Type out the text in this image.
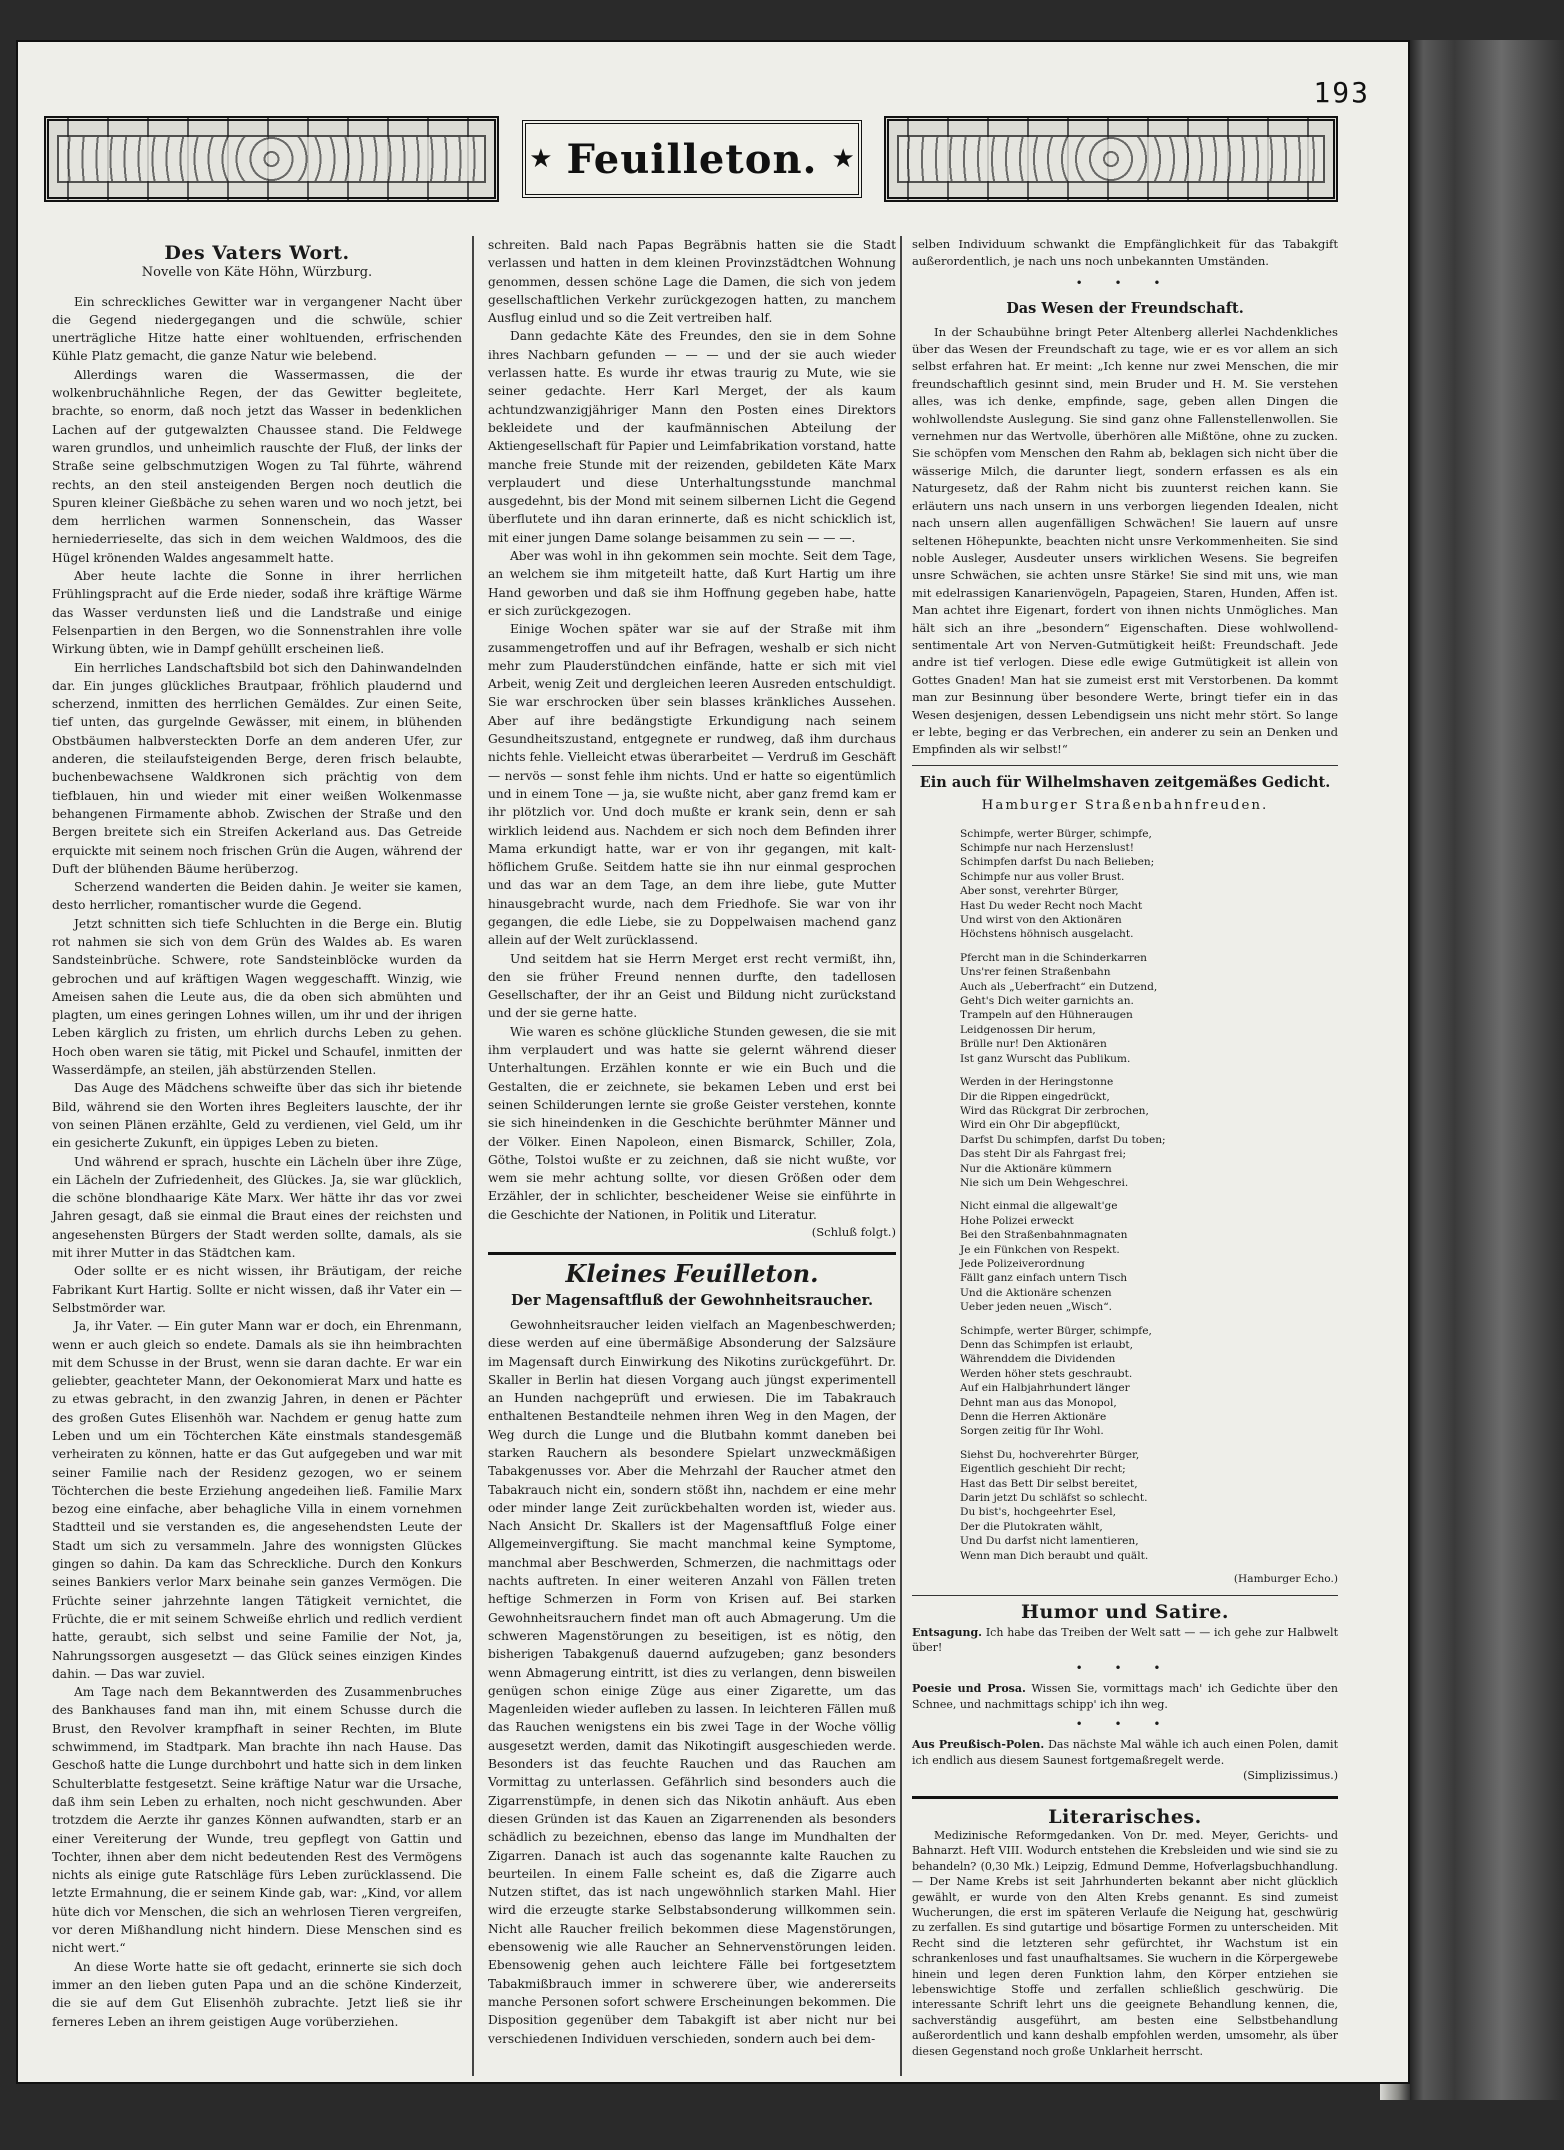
193
★ Feuilleton. ★
Des Vaters Wort.
Novelle von Käte Höhn, Würzburg.

Ein schreckliches Gewitter war in vergangener Nacht über die Gegend niedergegangen und die schwüle, schier unerträgliche Hitze hatte einer wohltuenden, erfrischenden Kühle Platz gemacht, die ganze Natur wie belebend.

Allerdings waren die Wassermassen, die der wolkenbruchähnliche Regen, der das Gewitter begleitete, brachte, so enorm, daß noch jetzt das Wasser in bedenklichen Lachen auf der gutgewalzten Chaussee stand. Die Feldwege waren grundlos, und unheimlich rauschte der Fluß, der links der Straße seine gelbschmutzigen Wogen zu Tal führte, während rechts, an den steil ansteigenden Bergen noch deutlich die Spuren kleiner Gießbäche zu sehen waren und wo noch jetzt, bei dem herrlichen warmen Sonnenschein, das Wasser herniederrieselte, das sich in dem weichen Waldmoos, des die Hügel krönenden Waldes angesammelt hatte.

Aber heute lachte die Sonne in ihrer herrlichen Frühlingspracht auf die Erde nieder, sodaß ihre kräftige Wärme das Wasser verdunsten ließ und die Landstraße und einige Felsenpartien in den Bergen, wo die Sonnenstrahlen ihre volle Wirkung übten, wie in Dampf gehüllt erscheinen ließ.

Ein herrliches Landschaftsbild bot sich den Dahinwandelnden dar. Ein junges glückliches Brautpaar, fröhlich plaudernd und scherzend, inmitten des herrlichen Gemäldes. Zur einen Seite, tief unten, das gurgelnde Gewässer, mit einem, in blühenden Obstbäumen halbversteckten Dorfe an dem anderen Ufer, zur anderen, die steilaufsteigenden Berge, deren frisch belaubte, buchenbewachsene Waldkronen sich prächtig von dem tiefblauen, hin und wieder mit einer weißen Wolkenmasse behangenen Firmamente abhob. Zwischen der Straße und den Bergen breitete sich ein Streifen Ackerland aus. Das Getreide erquickte mit seinem noch frischen Grün die Augen, während der Duft der blühenden Bäume herüberzog.

Scherzend wanderten die Beiden dahin. Je weiter sie kamen, desto herrlicher, romantischer wurde die Gegend.

Jetzt schnitten sich tiefe Schluchten in die Berge ein. Blutig rot nahmen sie sich von dem Grün des Waldes ab. Es waren Sandsteinbrüche. Schwere, rote Sandsteinblöcke wurden da gebrochen und auf kräftigen Wagen weggeschafft. Winzig, wie Ameisen sahen die Leute aus, die da oben sich abmühten und plagten, um eines geringen Lohnes willen, um ihr und der ihrigen Leben kärglich zu fristen, um ehrlich durchs Leben zu gehen. Hoch oben waren sie tätig, mit Pickel und Schaufel, inmitten der Wasserdämpfe, an steilen, jäh abstürzenden Stellen.

Das Auge des Mädchens schweifte über das sich ihr bietende Bild, während sie den Worten ihres Begleiters lauschte, der ihr von seinen Plänen erzählte, Geld zu verdienen, viel Geld, um ihr ein gesicherte Zukunft, ein üppiges Leben zu bieten.

Und während er sprach, huschte ein Lächeln über ihre Züge, ein Lächeln der Zufriedenheit, des Glückes. Ja, sie war glücklich, die schöne blondhaarige Käte Marx. Wer hätte ihr das vor zwei Jahren gesagt, daß sie einmal die Braut eines der reichsten und angesehensten Bürgers der Stadt werden sollte, damals, als sie mit ihrer Mutter in das Städtchen kam.

Oder sollte er es nicht wissen, ihr Bräutigam, der reiche Fabrikant Kurt Hartig. Sollte er nicht wissen, daß ihr Vater ein — Selbstmörder war.

Ja, ihr Vater. — Ein guter Mann war er doch, ein Ehrenmann, wenn er auch gleich so endete. Damals als sie ihn heimbrachten mit dem Schusse in der Brust, wenn sie daran dachte. Er war ein geliebter, geachteter Mann, der Oekonomierat Marx und hatte es zu etwas gebracht, in den zwanzig Jahren, in denen er Pächter des großen Gutes Elisenhöh war. Nachdem er genug hatte zum Leben und um ein Töchterchen Käte einstmals standesgemäß verheiraten zu können, hatte er das Gut aufgegeben und war mit seiner Familie nach der Residenz gezogen, wo er seinem Töchterchen die beste Erziehung angedeihen ließ. Familie Marx bezog eine einfache, aber behagliche Villa in einem vornehmen Stadtteil und sie verstanden es, die angesehendsten Leute der Stadt um sich zu versammeln. Jahre des wonnigsten Glückes gingen so dahin. Da kam das Schreckliche. Durch den Konkurs seines Bankiers verlor Marx beinahe sein ganzes Vermögen. Die Früchte seiner jahrzehnte langen Tätigkeit vernichtet, die Früchte, die er mit seinem Schweiße ehrlich und redlich verdient hatte, geraubt, sich selbst und seine Familie der Not, ja, Nahrungssorgen ausgesetzt — das Glück seines einzigen Kindes dahin. — Das war zuviel.

Am Tage nach dem Bekanntwerden des Zusammenbruches des Bankhauses fand man ihn, mit einem Schusse durch die Brust, den Revolver krampfhaft in seiner Rechten, im Blute schwimmend, im Stadtpark. Man brachte ihn nach Hause. Das Geschoß hatte die Lunge durchbohrt und hatte sich in dem linken Schulterblatte festgesetzt. Seine kräftige Natur war die Ursache, daß ihm sein Leben zu erhalten, noch nicht geschwunden. Aber trotzdem die Aerzte ihr ganzes Können aufwandten, starb er an einer Vereiterung der Wunde, treu gepflegt von Gattin und Tochter, ihnen aber dem nicht bedeutenden Rest des Vermögens nichts als einige gute Ratschläge fürs Leben zurücklassend. Die letzte Ermahnung, die er seinem Kinde gab, war: „Kind, vor allem hüte dich vor Menschen, die sich an wehrlosen Tieren vergreifen, vor deren Mißhandlung nicht hindern. Diese Menschen sind es nicht wert.“

An diese Worte hatte sie oft gedacht, erinnerte sie sich doch immer an den lieben guten Papa und an die schöne Kinderzeit, die sie auf dem Gut Elisenhöh zubrachte. Jetzt ließ sie ihr ferneres Leben an ihrem geistigen Auge vorüberziehen.

schreiten. Bald nach Papas Begräbnis hatten sie die Stadt verlassen und hatten in dem kleinen Provinzstädtchen Wohnung genommen, dessen schöne Lage die Damen, die sich von jedem gesellschaftlichen Verkehr zurückgezogen hatten, zu manchem Ausflug einlud und so die Zeit vertreiben half.

Dann gedachte Käte des Freundes, den sie in dem Sohne ihres Nachbarn gefunden — — — und der sie auch wieder verlassen hatte. Es wurde ihr etwas traurig zu Mute, wie sie seiner gedachte. Herr Karl Merget, der als kaum achtundzwanzigjähriger Mann den Posten eines Direktors bekleidete und der kaufmännischen Abteilung der Aktiengesellschaft für Papier und Leimfabrikation vorstand, hatte manche freie Stunde mit der reizenden, gebildeten Käte Marx verplaudert und diese Unterhaltungsstunde manchmal ausgedehnt, bis der Mond mit seinem silbernen Licht die Gegend überflutete und ihn daran erinnerte, daß es nicht schicklich ist, mit einer jungen Dame solange beisammen zu sein — — —.

Aber was wohl in ihn gekommen sein mochte. Seit dem Tage, an welchem sie ihm mitgeteilt hatte, daß Kurt Hartig um ihre Hand geworben und daß sie ihm Hoffnung gegeben habe, hatte er sich zurückgezogen.

Einige Wochen später war sie auf der Straße mit ihm zusammengetroffen und auf ihr Befragen, weshalb er sich nicht mehr zum Plauderstündchen einfände, hatte er sich mit viel Arbeit, wenig Zeit und dergleichen leeren Ausreden entschuldigt. Sie war erschrocken über sein blasses kränkliches Aussehen. Aber auf ihre bedängstigte Erkundigung nach seinem Gesundheitszustand, entgegnete er rundweg, daß ihm durchaus nichts fehle. Vielleicht etwas überarbeitet — Verdruß im Geschäft — nervös — sonst fehle ihm nichts. Und er hatte so eigentümlich und in einem Tone — ja, sie wußte nicht, aber ganz fremd kam er ihr plötzlich vor. Und doch mußte er krank sein, denn er sah wirklich leidend aus. Nachdem er sich noch dem Befinden ihrer Mama erkundigt hatte, war er von ihr gegangen, mit kalt-höflichem Gruße. Seitdem hatte sie ihn nur einmal gesprochen und das war an dem Tage, an dem ihre liebe, gute Mutter hinausgebracht wurde, nach dem Friedhofe. Sie war von ihr gegangen, die edle Liebe, sie zu Doppelwaisen machend ganz allein auf der Welt zurücklassend.

Und seitdem hat sie Herrn Merget erst recht vermißt, ihn, den sie früher Freund nennen durfte, den tadellosen Gesellschafter, der ihr an Geist und Bildung nicht zurückstand und der sie gerne hatte.

Wie waren es schöne glückliche Stunden gewesen, die sie mit ihm verplaudert und was hatte sie gelernt während dieser Unterhaltungen. Erzählen konnte er wie ein Buch und die Gestalten, die er zeichnete, sie bekamen Leben und erst bei seinen Schilderungen lernte sie große Geister verstehen, konnte sie sich hineindenken in die Geschichte berühmter Männer und der Völker. Einen Napoleon, einen Bismarck, Schiller, Zola, Göthe, Tolstoi wußte er zu zeichnen, daß sie nicht wußte, vor wem sie mehr achtung sollte, vor diesen Größen oder dem Erzähler, der in schlichter, bescheidener Weise sie einführte in die Geschichte der Nationen, in Politik und Literatur.

(Schluß folgt.)
Kleines Feuilleton.
Der Magensaftfluß der Gewohnheitsraucher.

Gewohnheitsraucher leiden vielfach an Magenbeschwerden; diese werden auf eine übermäßige Absonderung der Salzsäure im Magensaft durch Einwirkung des Nikotins zurückgeführt. Dr. Skaller in Berlin hat diesen Vorgang auch jüngst experimentell an Hunden nachgeprüft und erwiesen. Die im Tabakrauch enthaltenen Bestandteile nehmen ihren Weg in den Magen, der Weg durch die Lunge und die Blutbahn kommt daneben bei starken Rauchern als besondere Spielart unzweckmäßigen Tabakgenusses vor. Aber die Mehrzahl der Raucher atmet den Tabakrauch nicht ein, sondern stößt ihn, nachdem er eine mehr oder minder lange Zeit zurückbehalten worden ist, wieder aus. Nach Ansicht Dr. Skallers ist der Magensaftfluß Folge einer Allgemeinvergiftung. Sie macht manchmal keine Symptome, manchmal aber Beschwerden, Schmerzen, die nachmittags oder nachts auftreten. In einer weiteren Anzahl von Fällen treten heftige Schmerzen in Form von Krisen auf. Bei starken Gewohnheitsrauchern findet man oft auch Abmagerung. Um die schweren Magenstörungen zu beseitigen, ist es nötig, den bisherigen Tabakgenuß dauernd aufzugeben; ganz besonders wenn Abmagerung eintritt, ist dies zu verlangen, denn bisweilen genügen schon einige Züge aus einer Zigarette, um das Magenleiden wieder aufleben zu lassen. In leichteren Fällen muß das Rauchen wenigstens ein bis zwei Tage in der Woche völlig ausgesetzt werden, damit das Nikotingift ausgeschieden werde. Besonders ist das feuchte Rauchen und das Rauchen am Vormittag zu unterlassen. Gefährlich sind besonders auch die Zigarrenstümpfe, in denen sich das Nikotin anhäuft. Aus eben diesen Gründen ist das Kauen an Zigarrenenden als besonders schädlich zu bezeichnen, ebenso das lange im Mundhalten der Zigarren. Danach ist auch das sogenannte kalte Rauchen zu beurteilen. In einem Falle scheint es, daß die Zigarre auch Nutzen stiftet, das ist nach ungewöhnlich starken Mahl. Hier wird die erzeugte starke Selbstabsonderung willkommen sein. Nicht alle Raucher freilich bekommen diese Magenstörungen, ebensowenig wie alle Raucher an Sehnervenstörungen leiden. Ebensowenig gehen auch leichtere Fälle bei fortgesetztem Tabakmißbrauch immer in schwerere über, wie andererseits manche Personen sofort schwere Erscheinungen bekommen. Die Disposition gegenüber dem Tabakgift ist aber nicht nur bei verschiedenen Individuen verschieden, sondern auch bei dem-

selben Individuum schwankt die Empfänglichkeit für das Tabakgift außerordentlich, je nach uns noch unbekannten Umständen.

• • •
Das Wesen der Freundschaft.

In der Schaubühne bringt Peter Altenberg allerlei Nachdenkliches über das Wesen der Freundschaft zu tage, wie er es vor allem an sich selbst erfahren hat. Er meint: „Ich kenne nur zwei Menschen, die mir freundschaftlich gesinnt sind, mein Bruder und H. M. Sie verstehen alles, was ich denke, empfinde, sage, geben allen Dingen die wohlwollendste Auslegung. Sie sind ganz ohne Fallenstellenwollen. Sie vernehmen nur das Wertvolle, überhören alle Mißtöne, ohne zu zucken. Sie schöpfen vom Menschen den Rahm ab, beklagen sich nicht über die wässerige Milch, die darunter liegt, sondern erfassen es als ein Naturgesetz, daß der Rahm nicht bis zuunterst reichen kann. Sie erläutern uns nach unsern in uns verborgen liegenden Idealen, nicht nach unsern allen augenfälligen Schwächen! Sie lauern auf unsre seltenen Höhepunkte, beachten nicht unsre Verkommenheiten. Sie sind noble Ausleger, Ausdeuter unsers wirklichen Wesens. Sie begreifen unsre Schwächen, sie achten unsre Stärke! Sie sind mit uns, wie man mit edelrassigen Kanarienvögeln, Papageien, Staren, Hunden, Affen ist. Man achtet ihre Eigenart, fordert von ihnen nichts Unmögliches. Man hält sich an ihre „besondern“ Eigenschaften. Diese wohlwollend-sentimentale Art von Nerven-Gutmütigkeit heißt: Freundschaft. Jede andre ist tief verlogen. Diese edle ewige Gutmütigkeit ist allein von Gottes Gnaden! Man hat sie zumeist erst mit Verstorbenen. Da kommt man zur Besinnung über besondere Werte, bringt tiefer ein in das Wesen desjenigen, dessen Lebendigsein uns nicht mehr stört. So lange er lebte, beging er das Verbrechen, ein anderer zu sein an Denken und Empfinden als wir selbst!“

Ein auch für Wilhelmshaven zeitgemäßes Gedicht.
Hamburger Straßenbahnfreuden.
Schimpfe, werter Bürger, schimpfe,
Schimpfe nur nach Herzenslust!
Schimpfen darfst Du nach Belieben;
Schimpfe nur aus voller Brust.
Aber sonst, verehrter Bürger,
Hast Du weder Recht noch Macht
Und wirst von den Aktionären
Höchstens höhnisch ausgelacht.
Pfercht man in die Schinderkarren
Uns'rer feinen Straßenbahn
Auch als „Ueberfracht“ ein Dutzend,
Geht's Dich weiter garnichts an.
Trampeln auf den Hühneraugen
Leidgenossen Dir herum,
Brülle nur! Den Aktionären
Ist ganz Wurscht das Publikum.
Werden in der Heringstonne
Dir die Rippen eingedrückt,
Wird das Rückgrat Dir zerbrochen,
Wird ein Ohr Dir abgepflückt,
Darfst Du schimpfen, darfst Du toben;
Das steht Dir als Fahrgast frei;
Nur die Aktionäre kümmern
Nie sich um Dein Wehgeschrei.
Nicht einmal die allgewalt'ge
Hohe Polizei erweckt
Bei den Straßenbahnmagnaten
Je ein Fünkchen von Respekt.
Jede Polizeiverordnung
Fällt ganz einfach untern Tisch
Und die Aktionäre schenzen
Ueber jeden neuen „Wisch“.
Schimpfe, werter Bürger, schimpfe,
Denn das Schimpfen ist erlaubt,
Währenddem die Dividenden
Werden höher stets geschraubt.
Auf ein Halbjahrhundert länger
Dehnt man aus das Monopol,
Denn die Herren Aktionäre
Sorgen zeitig für Ihr Wohl.
Siehst Du, hochverehrter Bürger,
Eigentlich geschieht Dir recht;
Hast das Bett Dir selbst bereitet,
Darin jetzt Du schläfst so schlecht.
Du bist's, hochgeehrter Esel,
Der die Plutokraten wählt,
Und Du darfst nicht lamentieren,
Wenn man Dich beraubt und quält.
(Hamburger Echo.)
Humor und Satire.
Entsagung. Ich habe das Treiben der Welt satt — — ich gehe zur Halbwelt über!
• • •
Poesie und Prosa. Wissen Sie, vormittags mach' ich Gedichte über den Schnee, und nachmittags schipp' ich ihn weg.
• • •
Aus Preußisch-Polen. Das nächste Mal wähle ich auch einen Polen, damit ich endlich aus diesem Saunest fortgemaßregelt werde.
(Simplizissimus.)
Literarisches.

Medizinische Reformgedanken. Von Dr. med. Meyer, Gerichts- und Bahnarzt. Heft VIII. Wodurch entstehen die Krebsleiden und wie sind sie zu behandeln? (0,30 Mk.) Leipzig, Edmund Demme, Hofverlagsbuchhandlung. — Der Name Krebs ist seit Jahrhunderten bekannt aber nicht glücklich gewählt, er wurde von den Alten Krebs genannt. Es sind zumeist Wucherungen, die erst im späteren Verlaufe die Neigung hat, geschwürig zu zerfallen. Es sind gutartige und bösartige Formen zu unterscheiden. Mit Recht sind die letzteren sehr gefürchtet, ihr Wachstum ist ein schrankenloses und fast unaufhaltsames. Sie wuchern in die Körpergewebe hinein und legen deren Funktion lahm, den Körper entziehen sie lebenswichtige Stoffe und zerfallen schließlich geschwürig. Die interessante Schrift lehrt uns die geeignete Behandlung kennen, die, sachverständig ausgeführt, am besten eine Selbstbehandlung außerordentlich und kann deshalb empfohlen werden, umsomehr, als über diesen Gegenstand noch große Unklarheit herrscht.
